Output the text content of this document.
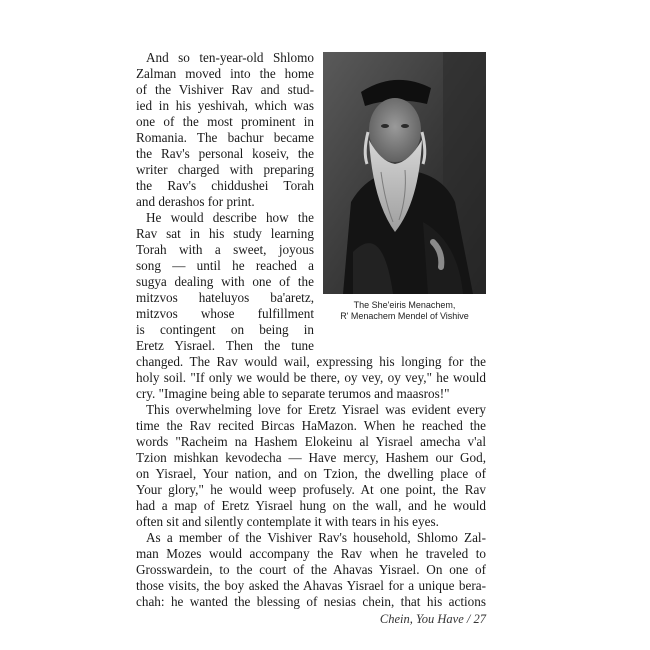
The She'eiris Menachem,
R' Menachem Mendel of Vishive
And so ten-year-old Shlomo
Zalman moved into the home
of the Vishiver Rav and stud-
ied in his yeshivah, which was
one of the most prominent in
Romania. The bachur became
the Rav's personal koseiv, the
writer charged with preparing
the Rav's chiddushei Torah
and derashos for print.
He would describe how the
Rav sat in his study learning
Torah with a sweet, joyous
song — until he reached a
sugya dealing with one of the
mitzvos hateluyos ba'aretz,
mitzvos whose fulfillment
is contingent on being in
Eretz Yisrael. Then the tune
changed. The Rav would wail, expressing his longing for the
holy soil. "If only we would be there, oy vey, oy vey," he would
cry. "Imagine being able to separate terumos and maasros!"
This overwhelming love for Eretz Yisrael was evident every
time the Rav recited Bircas HaMazon. When he reached the
words "Racheim na Hashem Elokeinu al Yisrael amecha v'al
Tzion mishkan kevodecha — Have mercy, Hashem our God,
on Yisrael, Your nation, and on Tzion, the dwelling place of
Your glory," he would weep profusely. At one point, the Rav
had a map of Eretz Yisrael hung on the wall, and he would
often sit and silently contemplate it with tears in his eyes.
As a member of the Vishiver Rav's household, Shlomo Zal-
man Mozes would accompany the Rav when he traveled to
Grosswardein, to the court of the Ahavas Yisrael. On one of
those visits, the boy asked the Ahavas Yisrael for a unique bera-
chah: he wanted the blessing of nesias chein, that his actions
Chein, You Have / 27
